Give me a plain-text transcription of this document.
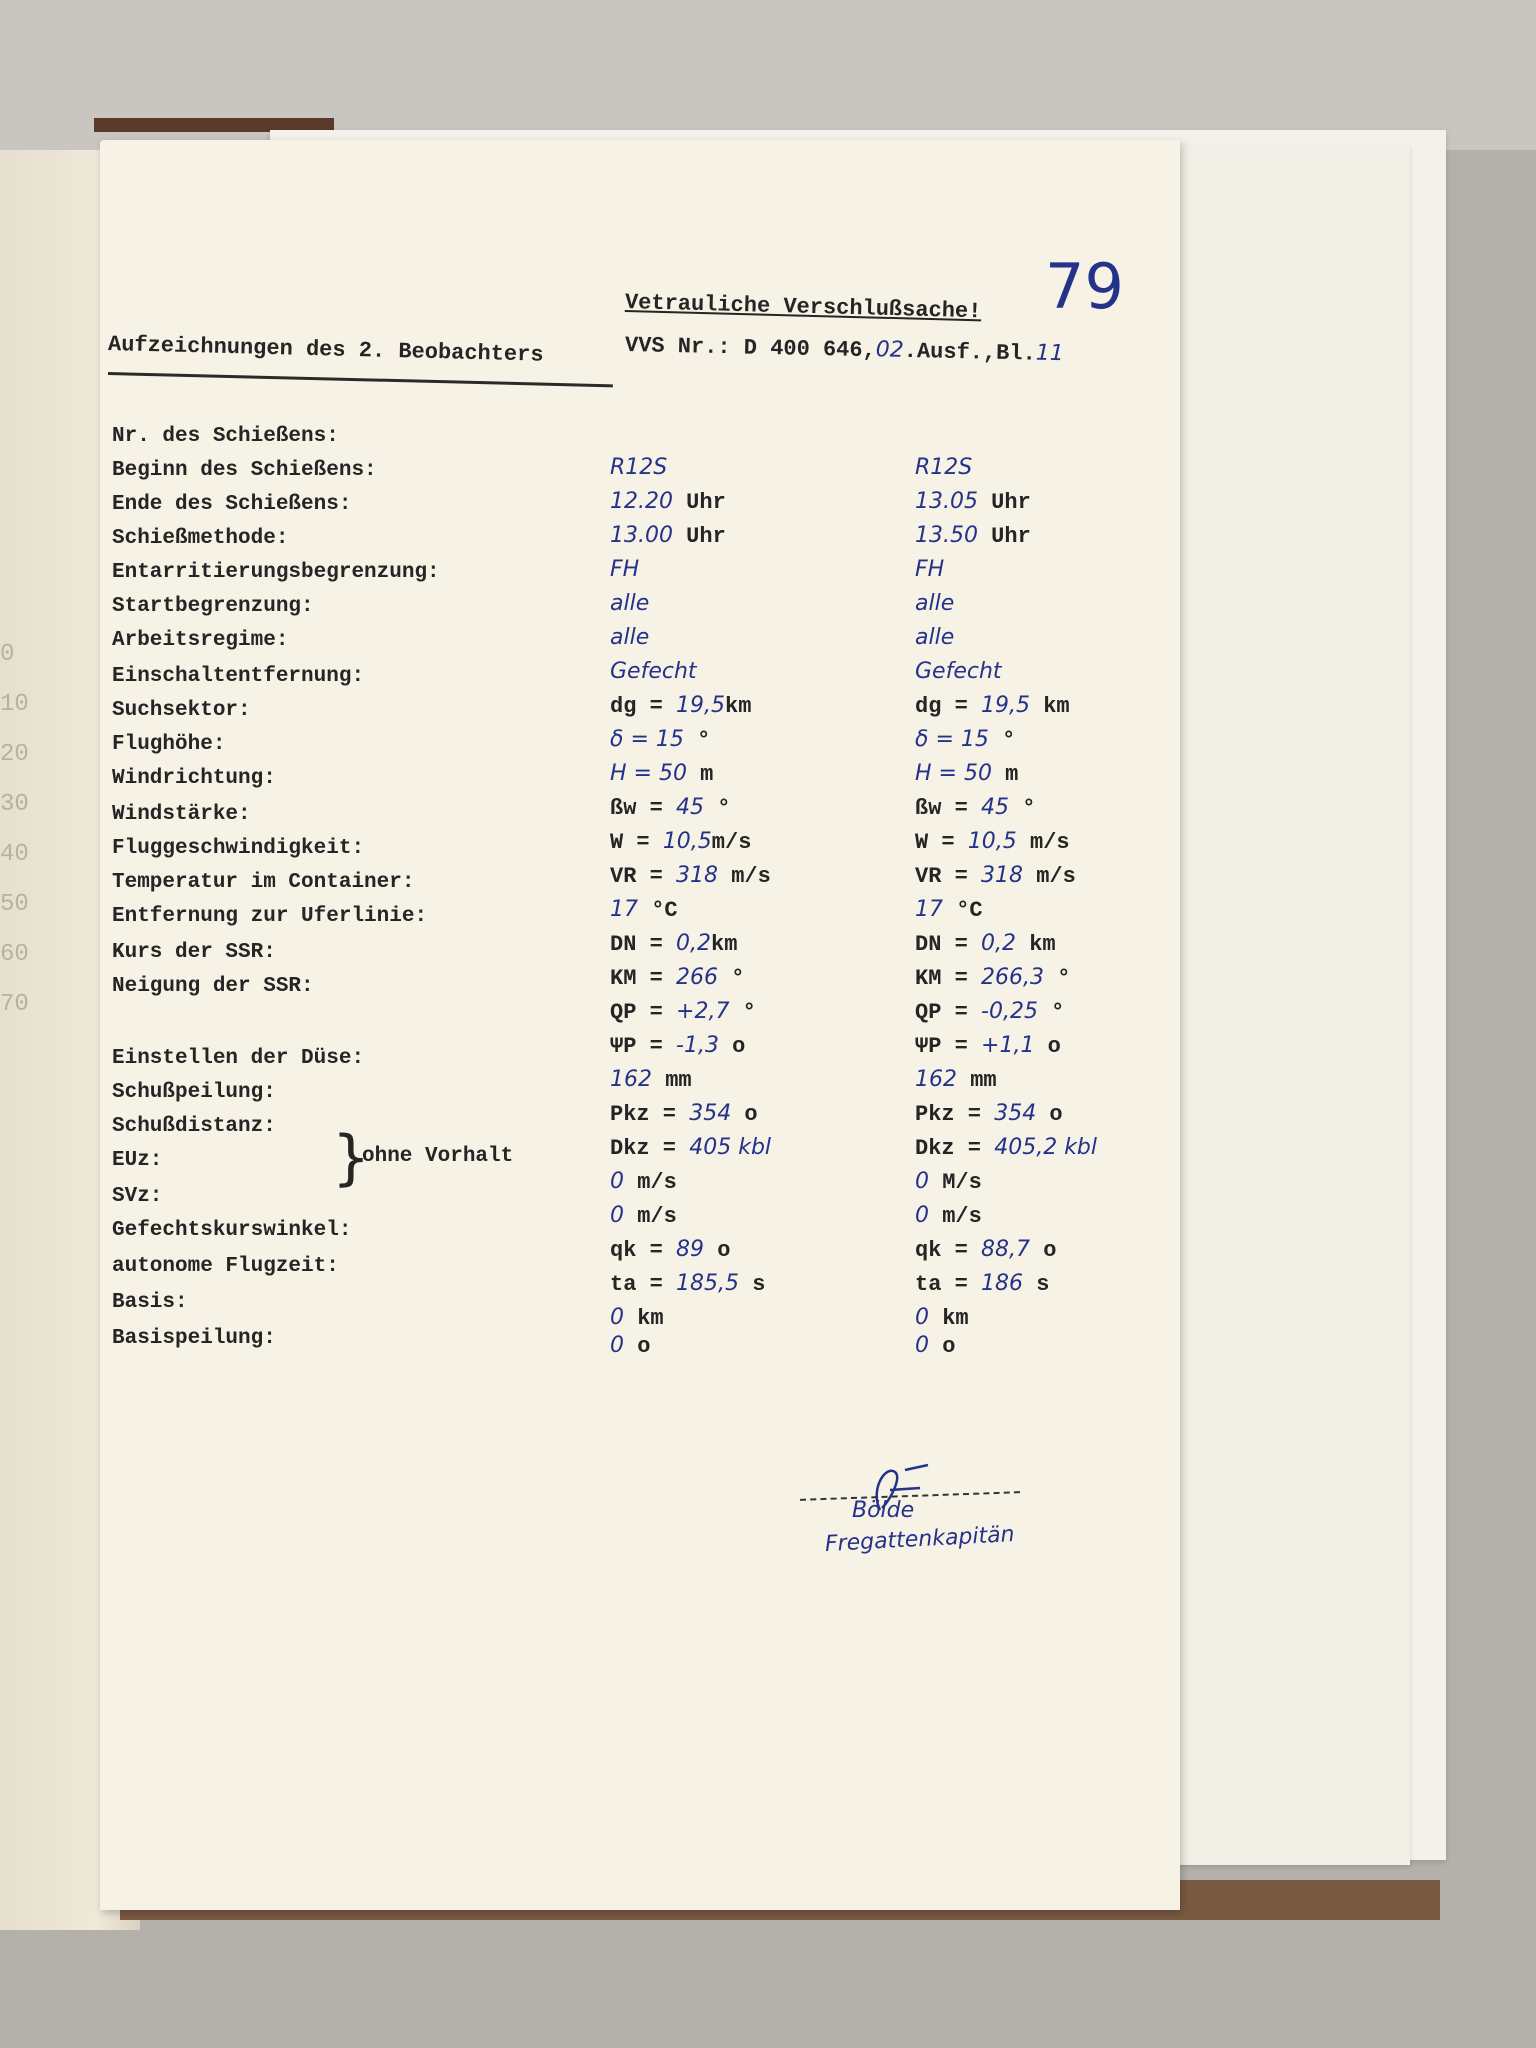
0
10
20
30
40
50
60
70
Vetrauliche Verschlußsache!
VVS Nr.: D 400 646,02.Ausf.,Bl.11
79
Aufzeichnungen des 2. Beobachters
Nr. des Schießens:
Beginn des Schießens:
Ende des Schießens:
Schießmethode:
Entarritierungsbegrenzung:
Startbegrenzung:
Arbeitsregime:
Einschaltentfernung:
Suchsektor:
Flughöhe:
Windrichtung:
Windstärke:
Fluggeschwindigkeit:
Temperatur im Container:
Entfernung zur Uferlinie:
Kurs der SSR:
Neigung der SSR:
Einstellen der Düse:
Schußpeilung:
Schußdistanz:
EUz:
SVz:
Gefechtskurswinkel:
autonome Flugzeit:
Basis:
Basispeilung:
}
ohne Vorhalt
R12S
12.20 Uhr
13.00 Uhr
FH
alle
alle
Gefecht
dg = 19,5km
δ = 15 °
H = 50 m
ßw = 45 °
W = 10,5m/s
VR = 318 m/s
17 °C
DN = 0,2km
KM = 266 °
QP = +2,7 °
ΨP = -1,3 o
162 mm
Pkz = 354 o
Dkz = 405 kbl
0 m/s
0 m/s
qk = 89 o
ta = 185,5 s
0 km
0 o
R12S
13.05 Uhr
13.50 Uhr
FH
alle
alle
Gefecht
dg = 19,5 km
δ = 15 °
H = 50 m
ßw = 45 °
W = 10,5 m/s
VR = 318 m/s
17 °C
DN = 0,2 km
KM = 266,3 °
QP = -0,25 °
ΨP = +1,1 o
162 mm
Pkz = 354 o
Dkz = 405,2 kbl
0 M/s
0 m/s
qk = 88,7 o
ta = 186 s
0 km
0 o
Bölde
Fregattenkapitän
